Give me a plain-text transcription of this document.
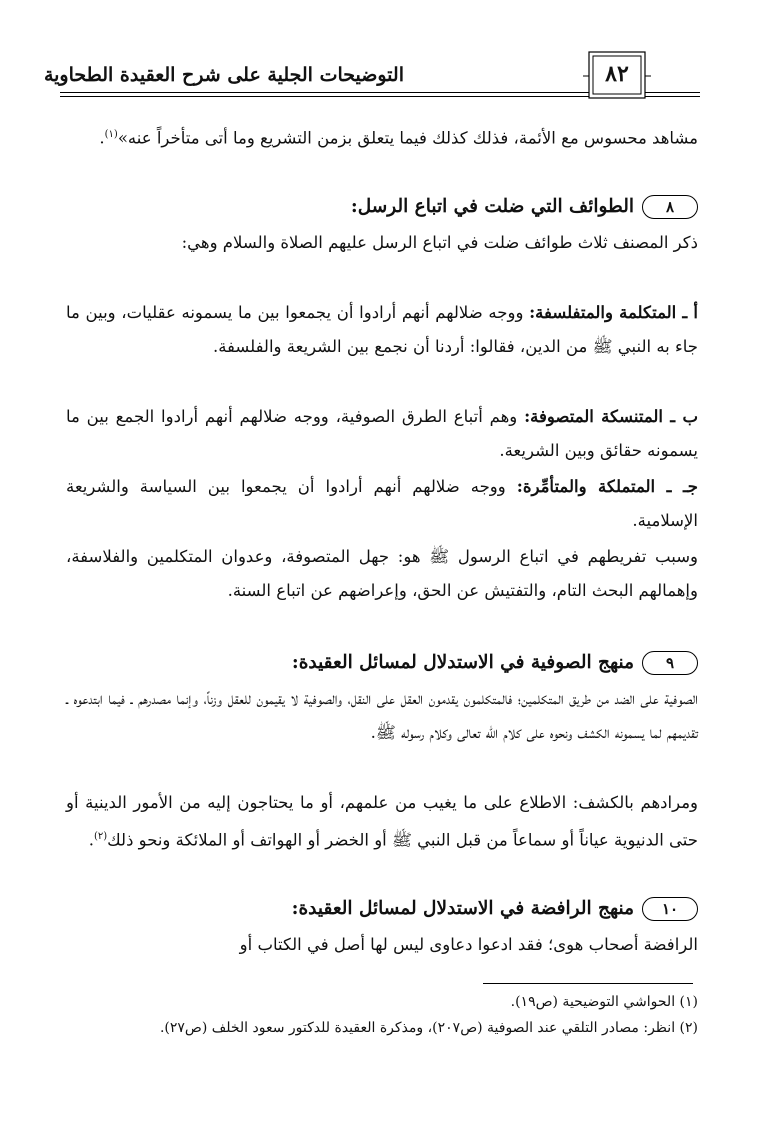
التوضيحات الجلية على شرح العقيدة الطحاوية	٨٢
مشاهد محسوس مع الأئمة، فذلك كذلك فيما يتعلق بزمن التشريع وما أتى متأخراً عنه»$^{(١)}$.
٨الطوائف التي ضلت في اتباع الرسل:
ذكر المصنف ثلاث طوائف ضلت في اتباع الرسل عليهم الصلاة والسلام وهي:
أ ـ المتكلمة والمتفلسفة: ووجه ضلالهم أنهم أرادوا أن يجمعوا بين ما يسمونه عقليات، وبين ما جاء به النبي ﷺ من الدين، فقالوا: أردنا أن نجمع بين الشريعة والفلسفة.
ب ـ المتنسكة المتصوفة: وهم أتباع الطرق الصوفية، ووجه ضلالهم أنهم أرادوا الجمع بين ما يسمونه حقائق وبين الشريعة.
جـ ـ المتملكة والمتأمِّرة: ووجه ضلالهم أنهم أرادوا أن يجمعوا بين السياسة والشريعة الإسلامية.
وسبب تفريطهم في اتباع الرسول ﷺ هو: جهل المتصوفة، وعدوان المتكلمين والفلاسفة، وإهمالهم البحث التام، والتفتيش عن الحق، وإعراضهم عن اتباع السنة.
٩منهج الصوفية في الاستدلال لمسائل العقيدة:
الصوفية على الضد من طريق المتكلمين؛ فالمتكلمون يقدمون العقل على النقل، والصوفية لا يقيمون للعقل وزناً، وإنما مصدرهم ـ فيما ابتدعوه ـ تقديمهم لما يسمونه الكشف ونحوه على كلام الله تعالى وكلام رسوله ﷺ.
ومرادهم بالكشف: الاطلاع على ما يغيب من علمهم، أو ما يحتاجون إليه من الأمور الدينية أو حتى الدنيوية عياناً أو سماعاً من قبل النبي ﷺ أو الخضر أو الهواتف أو الملائكة ونحو ذلك$^{(٢)}$.
١٠منهج الرافضة في الاستدلال لمسائل العقيدة:
الرافضة أصحاب هوى؛ فقد ادعوا دعاوى ليس لها أصل في الكتاب أو
(١) الحواشي التوضيحية (ص١٩).
(٢) انظر: مصادر التلقي عند الصوفية (ص٢٠٧)، ومذكرة العقيدة للدكتور سعود الخلف (ص٢٧).
